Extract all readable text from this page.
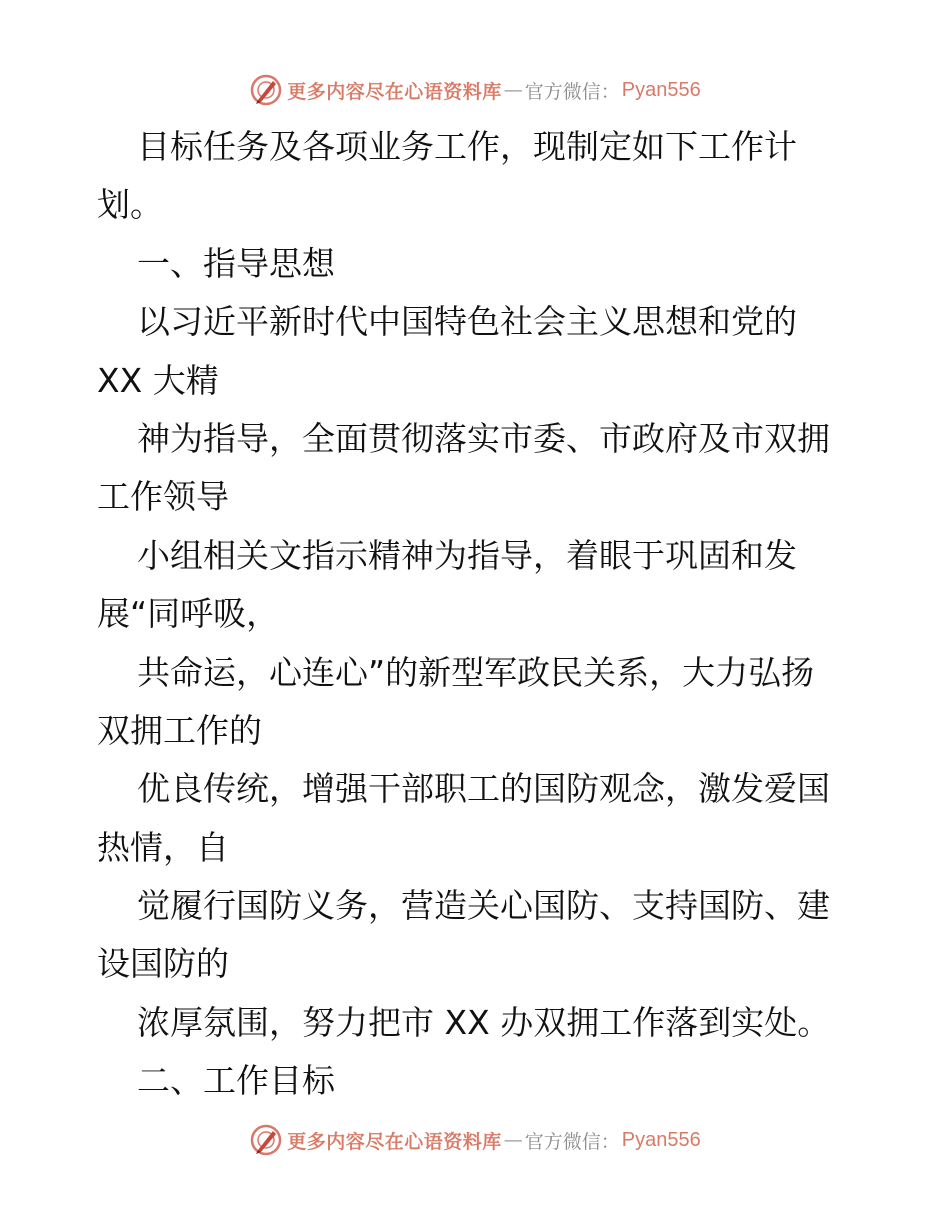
更多内容尽在心语资料库 — 官方微信： Pyan556
目标任务及各项业务工作，现制定如下工作计
划。
一、指导思想
以习近平新时代中国特色社会主义思想和党的
XX 大精
神为指导，全面贯彻落实市委、市政府及市双拥
工作领导
小组相关文指示精神为指导，着眼于巩固和发
展“同呼吸，
共命运，心连心”的新型军政民关系，大力弘扬
双拥工作的
优良传统，增强干部职工的国防观念，激发爱国
热情，自
觉履行国防义务，营造关心国防、支持国防、建
设国防的
浓厚氛围，努力把市 XX 办双拥工作落到实处。
二、工作目标
更多内容尽在心语资料库 — 官方微信： Pyan556
